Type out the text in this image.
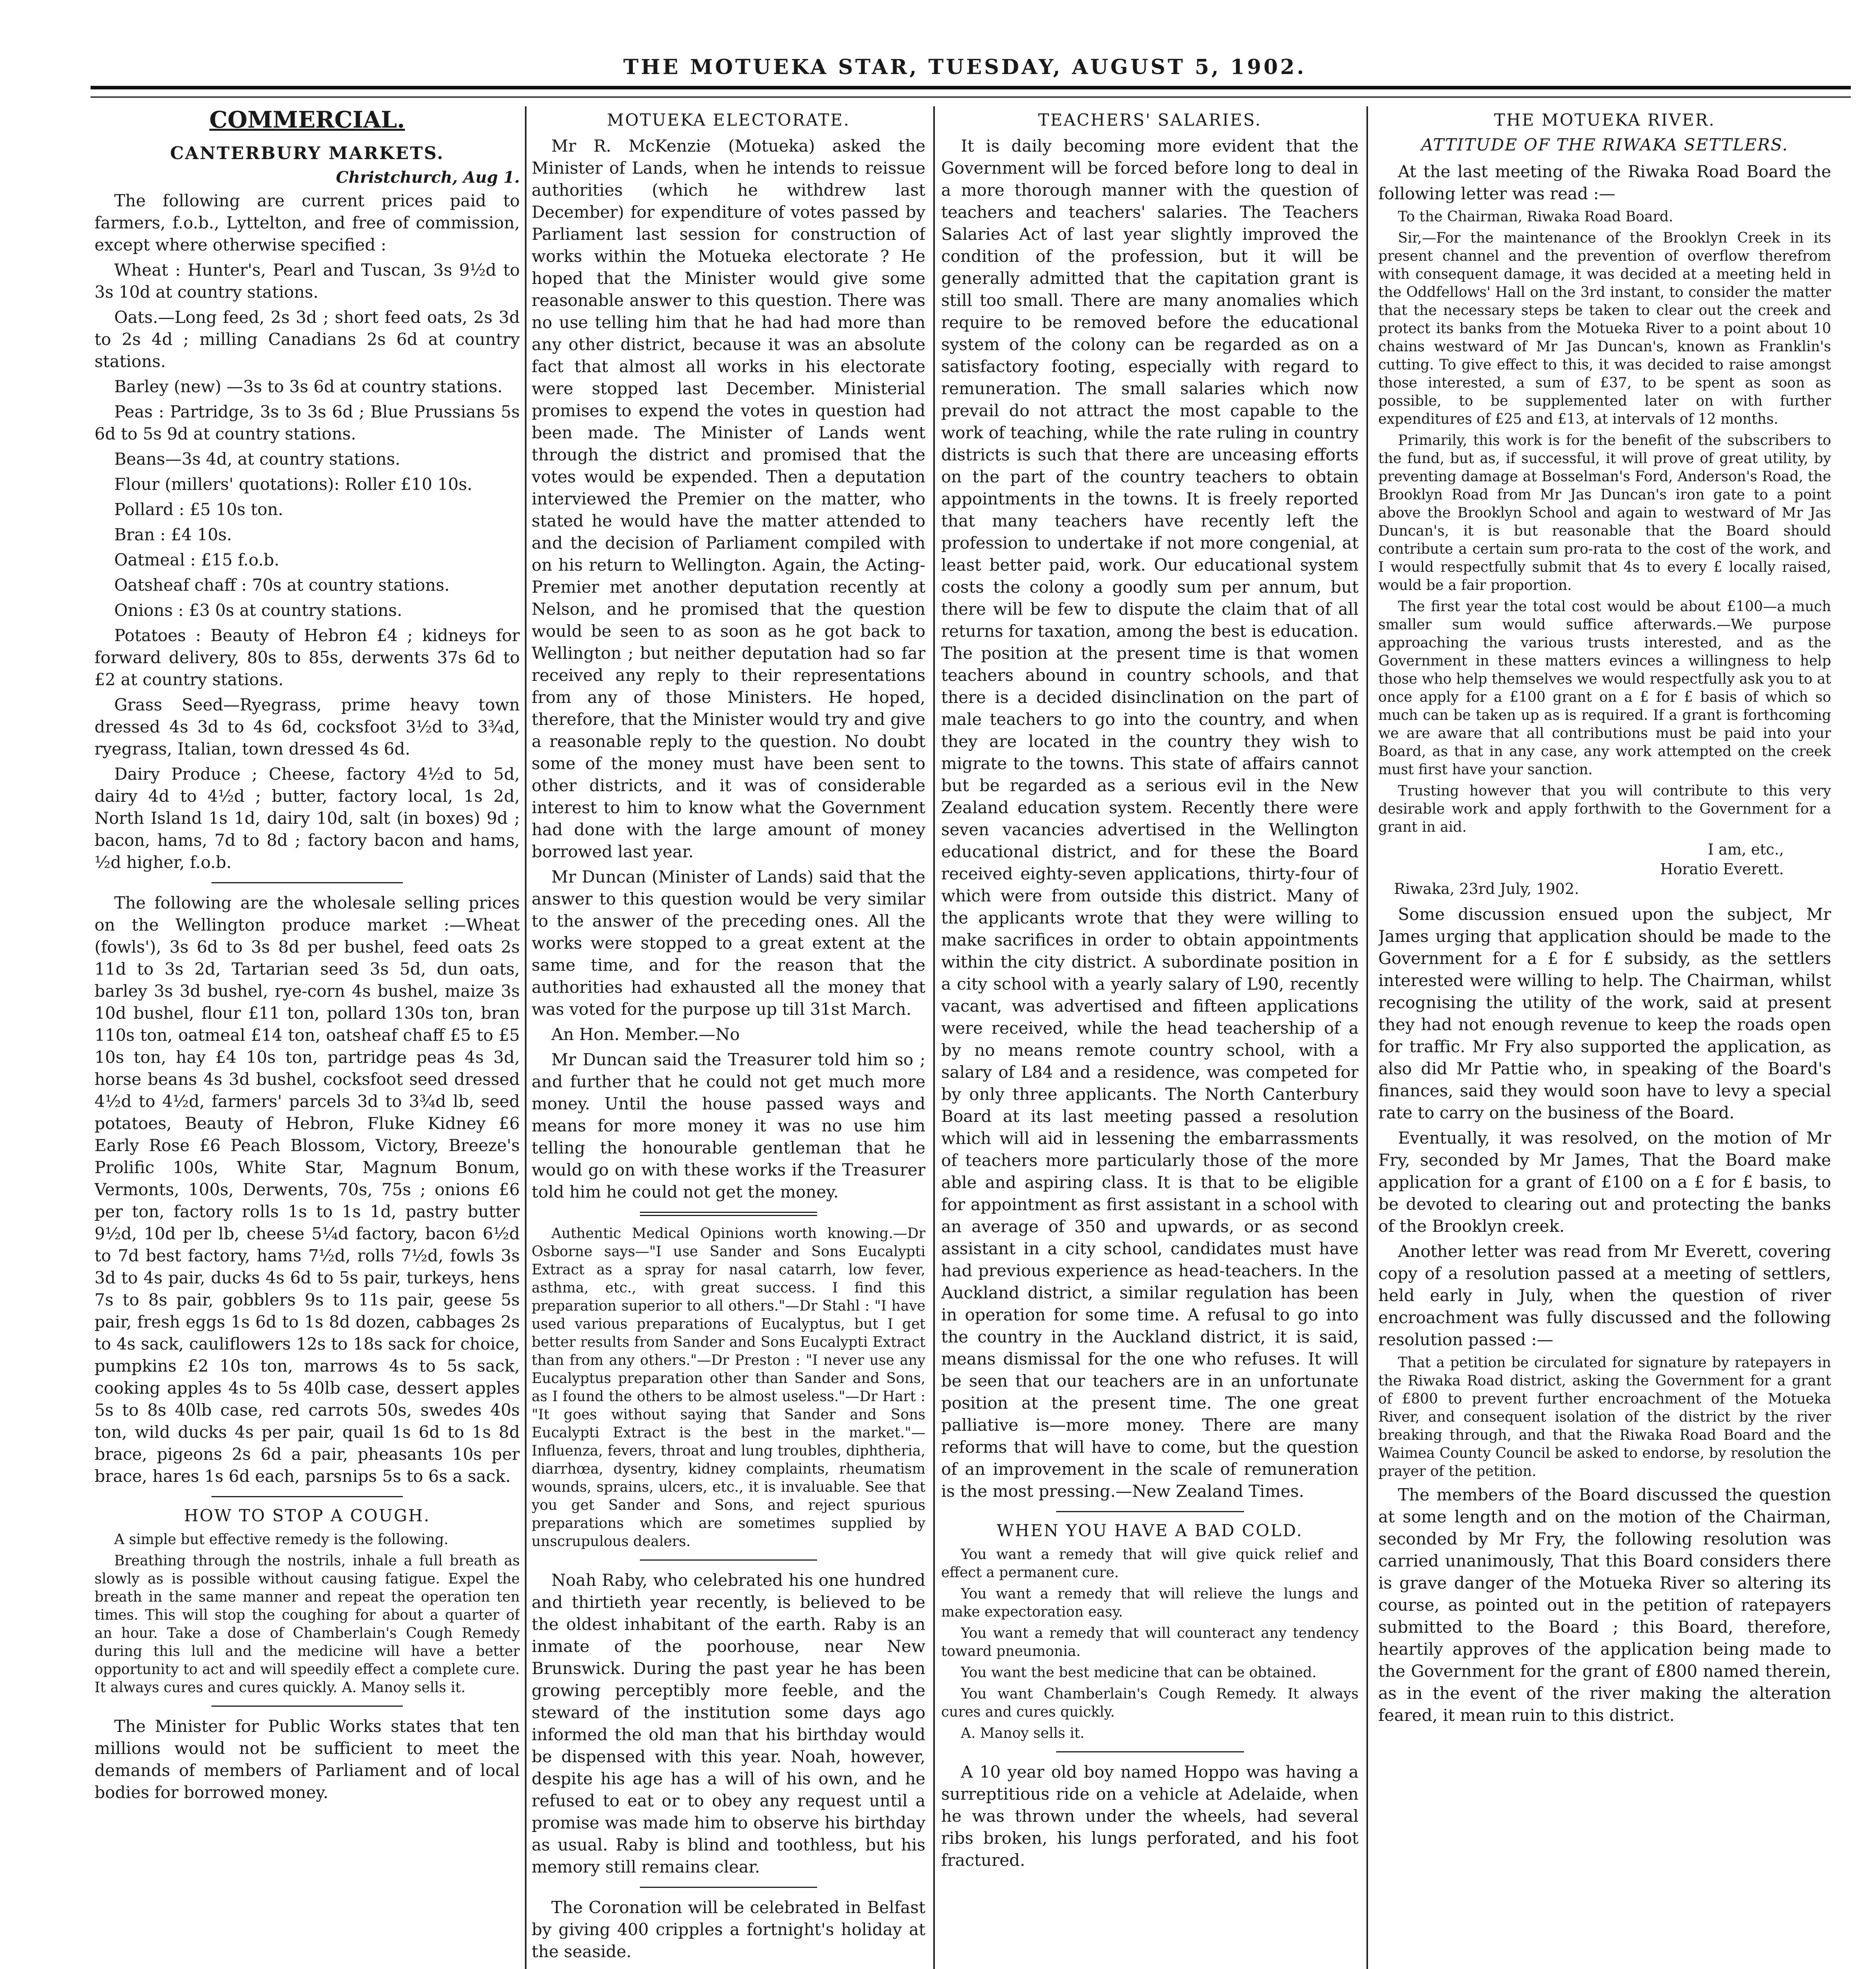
THE MOTUEKA STAR, TUESDAY, AUGUST 5, 1902.
COMMERCIAL.
CANTERBURY MARKETS.
Christchurch, Aug 1.

The following are current prices paid to farmers, f.o.b., Lyttelton, and free of commission, except where otherwise specified :

Wheat : Hunter's, Pearl and Tuscan, 3s 9½d to 3s 10d at country stations.

Oats.—Long feed, 2s 3d ; short feed oats, 2s 3d to 2s 4d ; milling Canadians 2s 6d at country stations.

Barley (new) —3s to 3s 6d at country stations.

Peas : Partridge, 3s to 3s 6d ; Blue Prussians 5s 6d to 5s 9d at country stations.

Beans—3s 4d, at country stations.

Flour (millers' quotations): Roller £10 10s.

Pollard : £5 10s ton.

Bran : £4 10s.

Oatmeal : £15 f.o.b.

Oatsheaf chaff : 70s at country stations.

Onions : £3 0s at country stations.

Potatoes : Beauty of Hebron £4 ; kidneys for forward delivery, 80s to 85s, derwents 37s 6d to £2 at country stations.

Grass Seed—Ryegrass, prime heavy town dressed 4s 3d to 4s 6d, cocksfoot 3½d to 3¾d, ryegrass, Italian, town dressed 4s 6d.

Dairy Produce ; Cheese, factory 4½d to 5d, dairy 4d to 4½d ; butter, factory local, 1s 2d, North Island 1s 1d, dairy 10d, salt (in boxes) 9d ; bacon, hams, 7d to 8d ; factory bacon and hams, ½d higher, f.o.b.

The following are the wholesale selling prices on the Wellington produce market :—Wheat (fowls'), 3s 6d to 3s 8d per bushel, feed oats 2s 11d to 3s 2d, Tartarian seed 3s 5d, dun oats, barley 3s 3d bushel, rye-corn 4s bushel, maize 3s 10d bushel, flour £11 ton, pollard 130s ton, bran 110s ton, oatmeal £14 ton, oatsheaf chaff £5 to £5 10s ton, hay £4 10s ton, partridge peas 4s 3d, horse beans 4s 3d bushel, cocksfoot seed dressed 4½d to 4½d, farmers' parcels 3d to 3¾d lb, seed potatoes, Beauty of Hebron, Fluke Kidney £6 Early Rose £6 Peach Blossom, Victory, Breeze's Prolific 100s, White Star, Magnum Bonum, Vermonts, 100s, Derwents, 70s, 75s ; onions £6 per ton, factory rolls 1s to 1s 1d, pastry butter 9½d, 10d per lb, cheese 5¼d factory, bacon 6½d to 7d best factory, hams 7½d, rolls 7½d, fowls 3s 3d to 4s pair, ducks 4s 6d to 5s pair, turkeys, hens 7s to 8s pair, gobblers 9s to 11s pair, geese 5s pair, fresh eggs 1s 6d to 1s 8d dozen, cabbages 2s to 4s sack, cauliflowers 12s to 18s sack for choice, pumpkins £2 10s ton, marrows 4s to 5s sack, cooking apples 4s to 5s 40lb case, dessert apples 5s to 8s 40lb case, red carrots 50s, swedes 40s ton, wild ducks 4s per pair, quail 1s 6d to 1s 8d brace, pigeons 2s 6d a pair, pheasants 10s per brace, hares 1s 6d each, parsnips 5s to 6s a sack.

HOW TO STOP A COUGH.

A simple but effective remedy is the following.

Breathing through the nostrils, inhale a full breath as slowly as is possible without causing fatigue. Expel the breath in the same manner and repeat the operation ten times. This will stop the coughing for about a quarter of an hour. Take a dose of Chamberlain's Cough Remedy during this lull and the medicine will have a better opportunity to act and will speedily effect a complete cure. It always cures and cures quickly. A. Manoy sells it.

The Minister for Public Works states that ten millions would not be sufficient to meet the demands of members of Parliament and of local bodies for borrowed money.

MOTUEKA ELECTORATE.

Mr R. McKenzie (Motueka) asked the Minister of Lands, when he intends to reissue authorities (which he withdrew last December) for expenditure of votes passed by Parliament last session for construction of works within the Motueka electorate ? He hoped that the Minister would give some reasonable answer to this question. There was no use telling him that he had had more than any other district, because it was an absolute fact that almost all works in his electorate were stopped last December. Ministerial promises to expend the votes in question had been made. The Minister of Lands went through the district and promised that the votes would be expended. Then a deputation interviewed the Premier on the matter, who stated he would have the matter attended to and the decision of Parliament compiled with on his return to Wellington. Again, the Acting-Premier met another deputation recently at Nelson, and he promised that the question would be seen to as soon as he got back to Wellington ; but neither deputation had so far received any reply to their representations from any of those Ministers. He hoped, therefore, that the Minister would try and give a reasonable reply to the question. No doubt some of the money must have been sent to other districts, and it was of considerable interest to him to know what the Government had done with the large amount of money borrowed last year.

Mr Duncan (Minister of Lands) said that the answer to this question would be very similar to the answer of the preceding ones. All the works were stopped to a great extent at the same time, and for the reason that the authorities had exhausted all the money that was voted for the purpose up till 31st March.

An Hon. Member.—No

Mr Duncan said the Treasurer told him so ; and further that he could not get much more money. Until the house passed ways and means for more money it was no use him telling the honourable gentleman that he would go on with these works if the Treasurer told him he could not get the money.

Authentic Medical Opinions worth knowing.—Dr Osborne says—"I use Sander and Sons Eucalypti Extract as a spray for nasal catarrh, low fever, asthma, etc., with great success. I find this preparation superior to all others."—Dr Stahl : "I have used various preparations of Eucalyptus, but I get better results from Sander and Sons Eucalypti Extract than from any others."—Dr Preston : "I never use any Eucalyptus preparation other than Sander and Sons, as I found the others to be almost useless."—Dr Hart : "It goes without saying that Sander and Sons Eucalypti Extract is the best in the market."—Influenza, fevers, throat and lung troubles, diphtheria, diarrhœa, dysentry, kidney complaints, rheumatism wounds, sprains, ulcers, etc., it is invaluable. See that you get Sander and Sons, and reject spurious preparations which are sometimes supplied by unscrupulous dealers.

Noah Raby, who celebrated his one hundred and thirtieth year recently, is believed to be the oldest inhabitant of the earth. Raby is an inmate of the poorhouse, near New Brunswick. During the past year he has been growing perceptibly more feeble, and the steward of the institution some days ago informed the old man that his birthday would be dispensed with this year. Noah, however, despite his age has a will of his own, and he refused to eat or to obey any request until a promise was made him to observe his birthday as usual. Raby is blind and toothless, but his memory still remains clear.

The Coronation will be celebrated in Belfast by giving 400 cripples a fortnight's holiday at the seaside.

TEACHERS' SALARIES.

It is daily becoming more evident that the Government will be forced before long to deal in a more thorough manner with the question of teachers and teachers' salaries. The Teachers Salaries Act of last year slightly improved the condition of the profession, but it will be generally admitted that the capitation grant is still too small. There are many anomalies which require to be removed before the educational system of the colony can be regarded as on a satisfactory footing, especially with regard to remuneration. The small salaries which now prevail do not attract the most capable to the work of teaching, while the rate ruling in country districts is such that there are unceasing efforts on the part of the country teachers to obtain appointments in the towns. It is freely reported that many teachers have recently left the profession to undertake if not more congenial, at least better paid, work. Our educational system costs the colony a goodly sum per annum, but there will be few to dispute the claim that of all returns for taxation, among the best is education. The position at the present time is that women teachers abound in country schools, and that there is a decided disinclination on the part of male teachers to go into the country, and when they are located in the country they wish to migrate to the towns. This state of affairs cannot but be regarded as a serious evil in the New Zealand education system. Recently there were seven vacancies advertised in the Wellington educational district, and for these the Board received eighty-seven applications, thirty-four of which were from outside this district. Many of the applicants wrote that they were willing to make sacrifices in order to obtain appointments within the city district. A subordinate position in a city school with a yearly salary of L90, recently vacant, was advertised and fifteen applications were received, while the head teachership of a by no means remote country school, with a salary of L84 and a residence, was competed for by only three applicants. The North Canterbury Board at its last meeting passed a resolution which will aid in lessening the embarrassments of teachers more particularly those of the more able and aspiring class. It is that to be eligible for appointment as first assistant in a school with an average of 350 and upwards, or as second assistant in a city school, candidates must have had previous experience as head-teachers. In the Auckland district, a similar regulation has been in operation for some time. A refusal to go into the country in the Auckland district, it is said, means dismissal for the one who refuses. It will be seen that our teachers are in an unfortunate position at the present time. The one great palliative is—more money. There are many reforms that will have to come, but the question of an improvement in the scale of remuneration is the most pressing.—New Zealand Times.

WHEN YOU HAVE A BAD COLD.

You want a remedy that will give quick relief and effect a permanent cure.

You want a remedy that will relieve the lungs and make expectoration easy.

You want a remedy that will counteract any tendency toward pneumonia.

You want the best medicine that can be obtained.

You want Chamberlain's Cough Remedy. It always cures and cures quickly.

A. Manoy sells it.

A 10 year old boy named Hoppo was having a surreptitious ride on a vehicle at Adelaide, when he was thrown under the wheels, had several ribs broken, his lungs perforated, and his foot fractured.

THE MOTUEKA RIVER.
ATTITUDE OF THE RIWAKA SETTLERS.

At the last meeting of the Riwaka Road Board the following letter was read :—

To the Chairman, Riwaka Road Board.

Sir,—For the maintenance of the Brooklyn Creek in its present channel and the prevention of overflow therefrom with consequent damage, it was decided at a meeting held in the Oddfellows' Hall on the 3rd instant, to consider the matter that the necessary steps be taken to clear out the creek and protect its banks from the Motueka River to a point about 10 chains westward of Mr Jas Duncan's, known as Franklin's cutting. To give effect to this, it was decided to raise amongst those interested, a sum of £37, to be spent as soon as possible, to be supplemented later on with further expenditures of £25 and £13, at intervals of 12 months.

Primarily, this work is for the benefit of the subscribers to the fund, but as, if successful, it will prove of great utility, by preventing damage at Bosselman's Ford, Anderson's Road, the Brooklyn Road from Mr Jas Duncan's iron gate to a point above the Brooklyn School and again to westward of Mr Jas Duncan's, it is but reasonable that the Board should contribute a certain sum pro-rata to the cost of the work, and I would respectfully submit that 4s to every £ locally raised, would be a fair proportion.

The first year the total cost would be about £100—a much smaller sum would suffice afterwards.—We purpose approaching the various trusts interested, and as the Government in these matters evinces a willingness to help those who help themselves we would respectfully ask you to at once apply for a £100 grant on a £ for £ basis of which so much can be taken up as is required. If a grant is forthcoming we are aware that all contributions must be paid into your Board, as that in any case, any work attempted on the creek must first have your sanction.

Trusting however that you will contribute to this very desirable work and apply forthwith to the Government for a grant in aid.

I am, etc.,

Horatio Everett.

Riwaka, 23rd July, 1902.

Some discussion ensued upon the subject, Mr James urging that application should be made to the Government for a £ for £ subsidy, as the settlers interested were willing to help. The Chairman, whilst recognising the utility of the work, said at present they had not enough revenue to keep the roads open for traffic. Mr Fry also supported the application, as also did Mr Pattie who, in speaking of the Board's finances, said they would soon have to levy a special rate to carry on the business of the Board.

Eventually, it was resolved, on the motion of Mr Fry, seconded by Mr James, That the Board make application for a grant of £100 on a £ for £ basis, to be devoted to clearing out and protecting the banks of the Brooklyn creek.

Another letter was read from Mr Everett, covering copy of a resolution passed at a meeting of settlers, held early in July, when the question of river encroachment was fully discussed and the following resolution passed :—

That a petition be circulated for signature by ratepayers in the Riwaka Road district, asking the Government for a grant of £800 to prevent further encroachment of the Motueka River, and consequent isolation of the district by the river breaking through, and that the Riwaka Road Board and the Waimea County Council be asked to endorse, by resolution the prayer of the petition.

The members of the Board discussed the question at some length and on the motion of the Chairman, seconded by Mr Fry, the following resolution was carried unanimously, That this Board considers there is grave danger of the Motueka River so altering its course, as pointed out in the petition of ratepayers submitted to the Board ; this Board, therefore, heartily approves of the application being made to the Government for the grant of £800 named therein, as in the event of the river making the alteration feared, it mean ruin to this district.
